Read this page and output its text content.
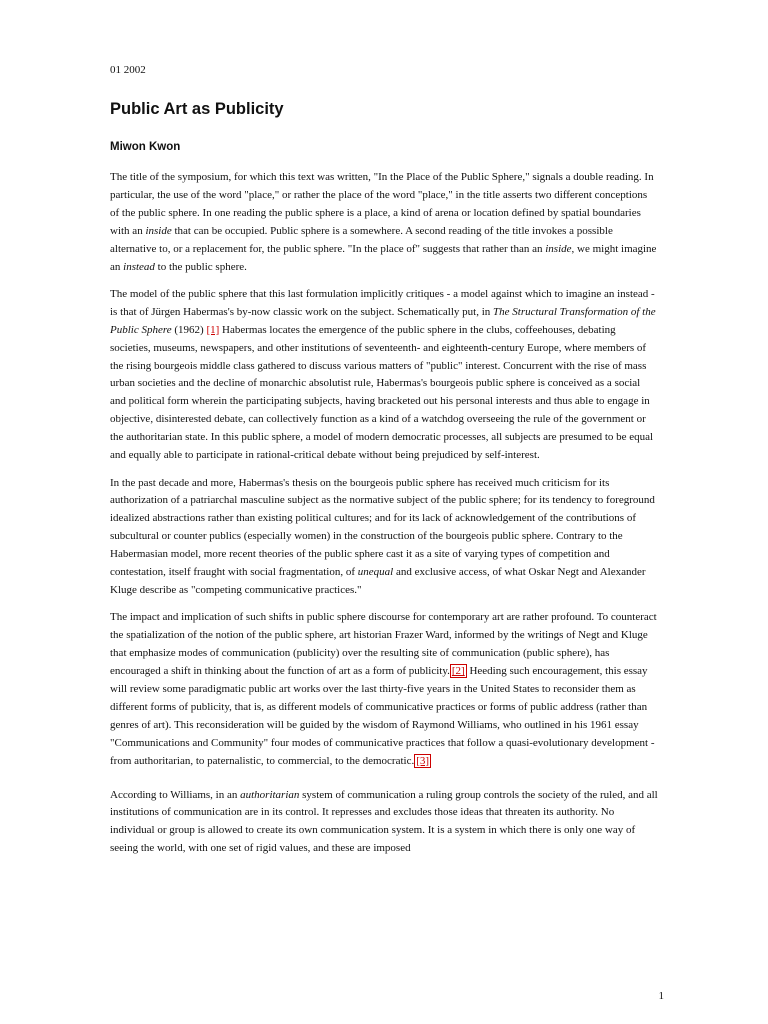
01 2002
Public Art as Publicity
Miwon Kwon

The title of the symposium, for which this text was written, "In the Place of the Public Sphere," signals a double reading. In particular, the use of the word "place," or rather the place of the word "place," in the title asserts two different conceptions of the public sphere. In one reading the public sphere is a place, a kind of arena or location defined by spatial boundaries with an inside that can be occupied. Public sphere is a somewhere. A second reading of the title invokes a possible alternative to, or a replacement for, the public sphere. "In the place of" suggests that rather than an inside, we might imagine an instead to the public sphere.

The model of the public sphere that this last formulation implicitly critiques - a model against which to imagine an instead - is that of Jürgen Habermas's by-now classic work on the subject. Schematically put, in The Structural Transformation of the Public Sphere (1962) [1] Habermas locates the emergence of the public sphere in the clubs, coffeehouses, debating societies, museums, newspapers, and other institutions of seventeenth- and eighteenth-century Europe, where members of the rising bourgeois middle class gathered to discuss various matters of "public" interest. Concurrent with the rise of mass urban societies and the decline of monarchic absolutist rule, Habermas's bourgeois public sphere is conceived as a social and political form wherein the participating subjects, having bracketed out his personal interests and thus able to engage in objective, disinterested debate, can collectively function as a kind of a watchdog overseeing the rule of the government or the authoritarian state. In this public sphere, a model of modern democratic processes, all subjects are presumed to be equal and equally able to participate in rational-critical debate without being prejudiced by self-interest.

In the past decade and more, Habermas's thesis on the bourgeois public sphere has received much criticism for its authorization of a patriarchal masculine subject as the normative subject of the public sphere; for its tendency to foreground idealized abstractions rather than existing political cultures; and for its lack of acknowledgement of the contributions of subcultural or counter publics (especially women) in the construction of the bourgeois public sphere. Contrary to the Habermasian model, more recent theories of the public sphere cast it as a site of varying types of competition and contestation, itself fraught with social fragmentation, of unequal and exclusive access, of what Oskar Negt and Alexander Kluge describe as "competing communicative practices."

The impact and implication of such shifts in public sphere discourse for contemporary art are rather profound. To counteract the spatialization of the notion of the public sphere, art historian Frazer Ward, informed by the writings of Negt and Kluge that emphasize modes of communication (publicity) over the resulting site of communication (public sphere), has encouraged a shift in thinking about the function of art as a form of publicity. [2] Heeding such encouragement, this essay will review some paradigmatic public art works over the last thirty-five years in the United States to reconsider them as different forms of publicity, that is, as different models of communicative practices or forms of public address (rather than genres of art). This reconsideration will be guided by the wisdom of Raymond Williams, who outlined in his 1961 essay "Communications and Community" four modes of communicative practices that follow a quasi-evolutionary development - from authoritarian, to paternalistic, to commercial, to the democratic. [3]

According to Williams, in an authoritarian system of communication a ruling group controls the society of the ruled, and all institutions of communication are in its control. It represses and excludes those ideas that threaten its authority. No individual or group is allowed to create its own communication system. It is a system in which there is only one way of seeing the world, with one set of rigid values, and these are imposed

1
